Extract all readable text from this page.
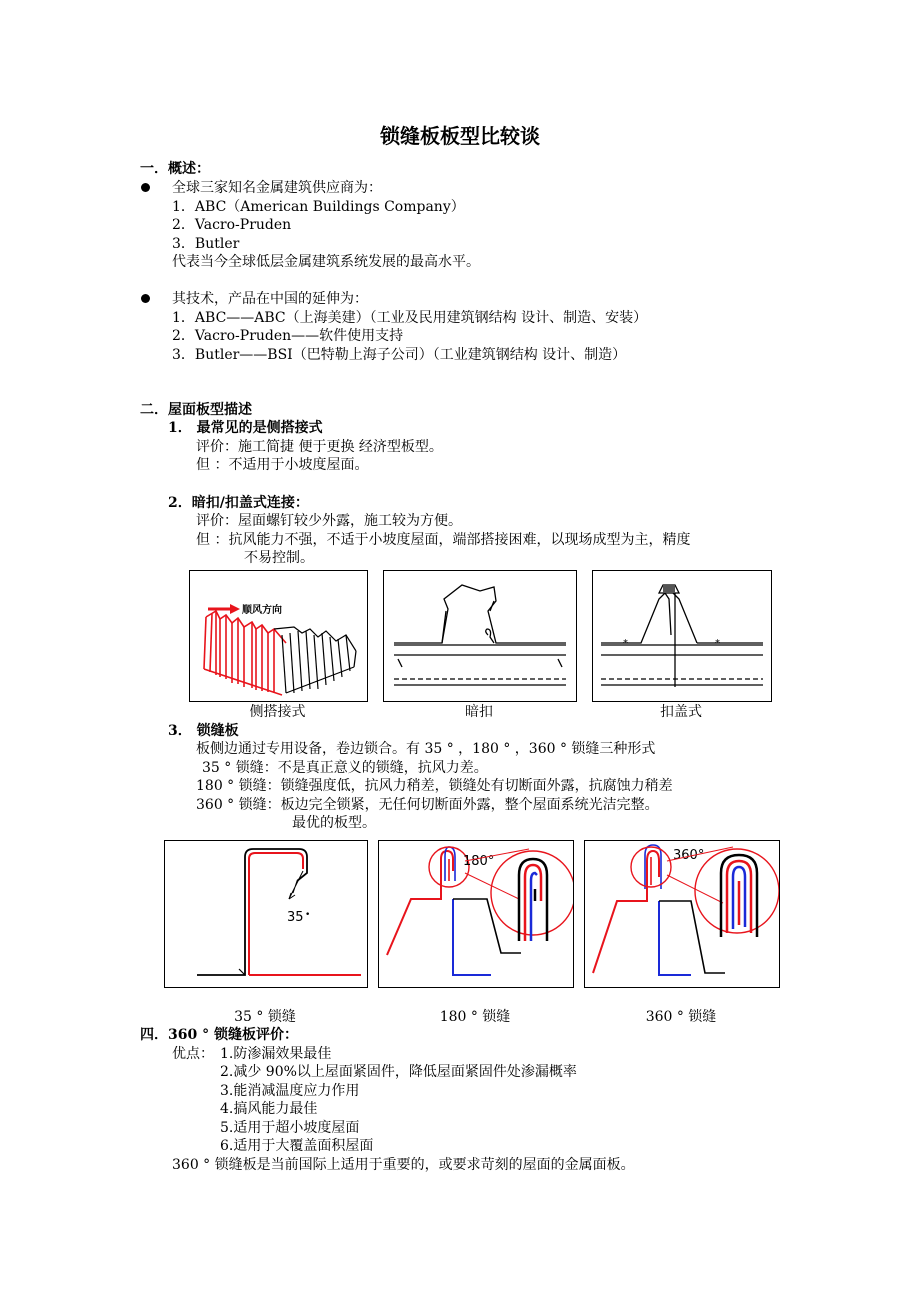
锁缝板板型比较谈
一．概述：
全球三家知名金属建筑供应商为：
1．ABC（American Buildings Company）
2．Vacro-Pruden
3．Butler
代表当今全球低层金属建筑系统发展的最高水平。
其技术，产品在中国的延伸为：
1．ABC——ABC（上海美建）（工业及民用建筑钢结构 设计、制造、安装）
2．Vacro-Pruden——软件使用支持
3．Butler——BSI（巴特勒上海子公司）（工业建筑钢结构 设计、制造）
二．屋面板型描述
1． 最常见的是侧搭接式
评价：施工简捷 便于更换 经济型板型。
但 ：不适用于小坡度屋面。
2．暗扣/扣盖式连接：
评价：屋面螺钉较少外露，施工较为方便。
但 ：抗风能力不强，不适于小坡度屋面，端部搭接困难，以现场成型为主，精度
不易控制。
顺风方向
侧搭接式	暗扣
*	*
扣盖式
3． 锁缝板
板侧边通过专用设备，卷边锁合。有 35 ° ，180 ° ，360 ° 锁缝三种形式
35 ° 锁缝：不是真正意义的锁缝，抗风力差。
180 ° 锁缝：锁缝强度低，抗风力稍差，锁缝处有切断面外露，抗腐蚀力稍差
360 ° 锁缝：板边完全锁紧，无任何切断面外露，整个屋面系统光洁完整。
最优的板型。
35 •
35 ° 锁缝
180°
180 ° 锁缝
360°
360 ° 锁缝
四．360 ° 锁缝板评价：
优点： 1.防渗漏效果最佳
2.减少 90%以上屋面紧固件，降低屋面紧固件处渗漏概率
3.能消减温度应力作用
4.搞风能力最佳
5.适用于超小坡度屋面
6.适用于大覆盖面积屋面
360 ° 锁缝板是当前国际上适用于重要的，或要求苛刻的屋面的金属面板。
